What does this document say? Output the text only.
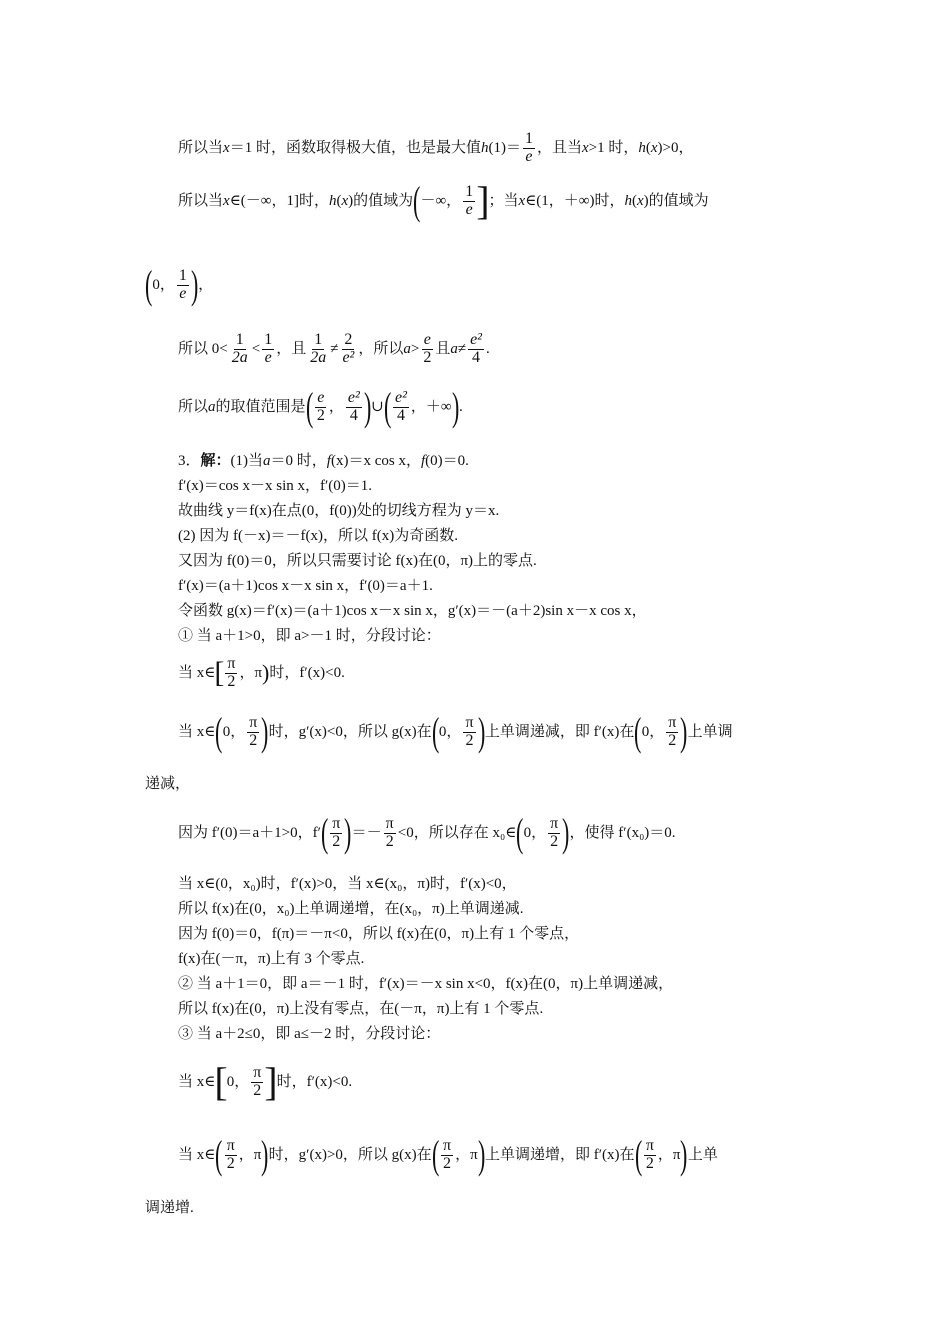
所以当 x ＝1 时，函数取得极大值，也是最大值 h $(1)= \frac{1}{e}$ ，且当 x >1 时， h ( x )>0，
所以当 x ∈(－∞，1]时， h ( x )的值域为 ( －∞， $\frac{1}{e}$ ] ；当 x ∈(1，＋∞)时， h ( x )的值域为
( 0， $\frac{1}{e}$ ) ，
所以 $0< \frac{1}{2a} < \frac{1}{e}$ ，且 $\frac{1}{2a} \ne \frac{2}{\text{e²}}$ ，所以 $a > \frac{e}{2}$ 且 $a \ne \frac{\text{e²}}{4}$ .
所以 a 的取值范围是 ( $\frac{e}{2}$ ， $\frac{\text{e²}}{4}$ ) ∪ ( $\frac{\text{e²}}{4}$ ，＋∞ ) .
3． 解： (1)当 a ＝0 时， f (x)＝x cos x， f (0)＝0.
f′(x)＝cos x－x sin x，f′(0)＝1.
故曲线 y＝f(x)在点(0，f(0))处的切线方程为 y＝x.
(2) 因为 f(－x)＝－f(x)，所以 f(x)为奇函数.
又因为 f(0)＝0，所以只需要讨论 f(x)在(0，π)上的零点.
f′(x)＝(a＋1)cos x－x sin x，f′(0)＝a＋1.
令函数 g(x)＝f′(x)＝(a＋1)cos x－x sin x，g′(x)＝－(a＋2)sin x－x cos x，
① 当 a＋1>0，即 a>－1 时，分段讨论：
当 x∈ [ $\frac{\pi}{2}$ ，π ) 时，f′(x)<0.
当 x∈ ( 0， $\frac{\pi}{2}$ ) 时，g′(x)<0，所以 g(x)在 ( 0， $\frac{\pi}{2}$ ) 上单调递减，即 f′(x)在 ( 0， $\frac{\pi}{2}$ ) 上单调
递减，
因为 f′(0)＝a＋1>0，f′ ( $\frac{\pi}{2}$ ) ＝－ $\frac{\pi}{2} <0$，所以存在 x₀∈ ( 0， $\frac{\pi}{2}$ ) ，使得 f′(x₀)＝0.
当 x∈(0，x₀)时，f′(x)>0，当 x∈(x₀，π)时，f′(x)<0，
所以 f(x)在(0，x₀)上单调递增，在(x₀，π)上单调递减.
因为 f(0)＝0，f(π)＝－π<0，所以 f(x)在(0，π)上有 1 个零点，
f(x)在(－π，π)上有 3 个零点.
② 当 a＋1＝0，即 a＝－1 时，f′(x)＝－x sin x<0，f(x)在(0，π)上单调递减，
所以 f(x)在(0，π)上没有零点，在(－π，π)上有 1 个零点.
③ 当 a＋2≤0，即 a≤－2 时，分段讨论：
当 x∈ [ 0， $\frac{\pi}{2}$ ] 时，f′(x)<0.
当 x∈ ( $\frac{\pi}{2}$ ，π ) 时，g′(x)>0，所以 g(x)在 ( $\frac{\pi}{2}$ ，π ) 上单调递增，即 f′(x)在 ( $\frac{\pi}{2}$ ，π ) 上单
调递增.
